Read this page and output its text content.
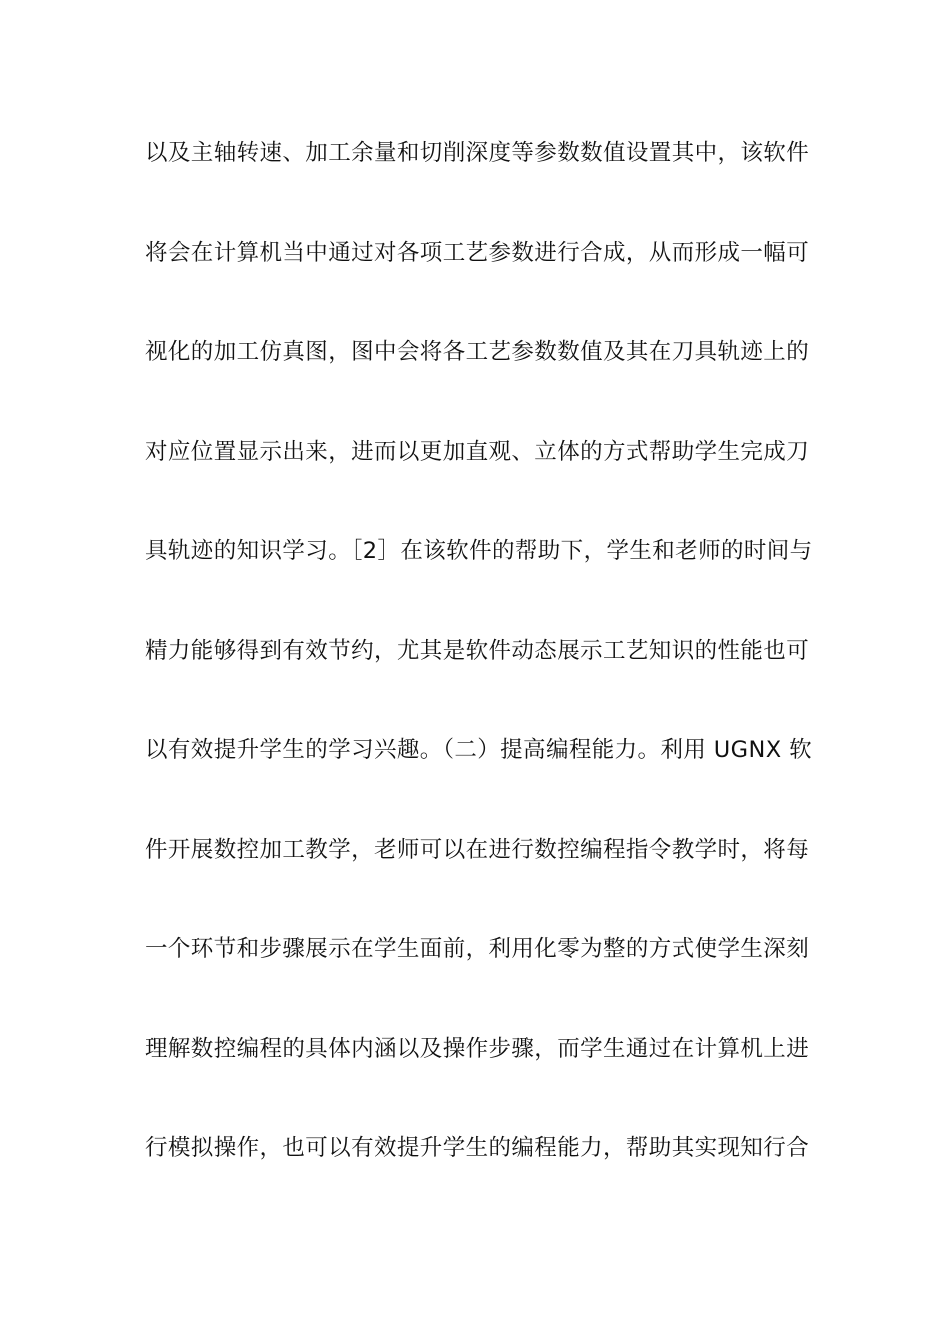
以及主轴转速、加工余量和切削深度等参数数值设置其中，该软件
将会在计算机当中通过对各项工艺参数进行合成，从而形成一幅可
视化的加工仿真图，图中会将各工艺参数数值及其在刀具轨迹上的
对应位置显示出来，进而以更加直观、立体的方式帮助学生完成刀
具轨迹的知识学习。［2］在该软件的帮助下，学生和老师的时间与
精力能够得到有效节约，尤其是软件动态展示工艺知识的性能也可
以有效提升学生的学习兴趣。（二）提高编程能力。利用 UGNX 软
件开展数控加工教学，老师可以在进行数控编程指令教学时，将每
一个环节和步骤展示在学生面前，利用化零为整的方式使学生深刻
理解数控编程的具体内涵以及操作步骤，而学生通过在计算机上进
行模拟操作，也可以有效提升学生的编程能力，帮助其实现知行合
